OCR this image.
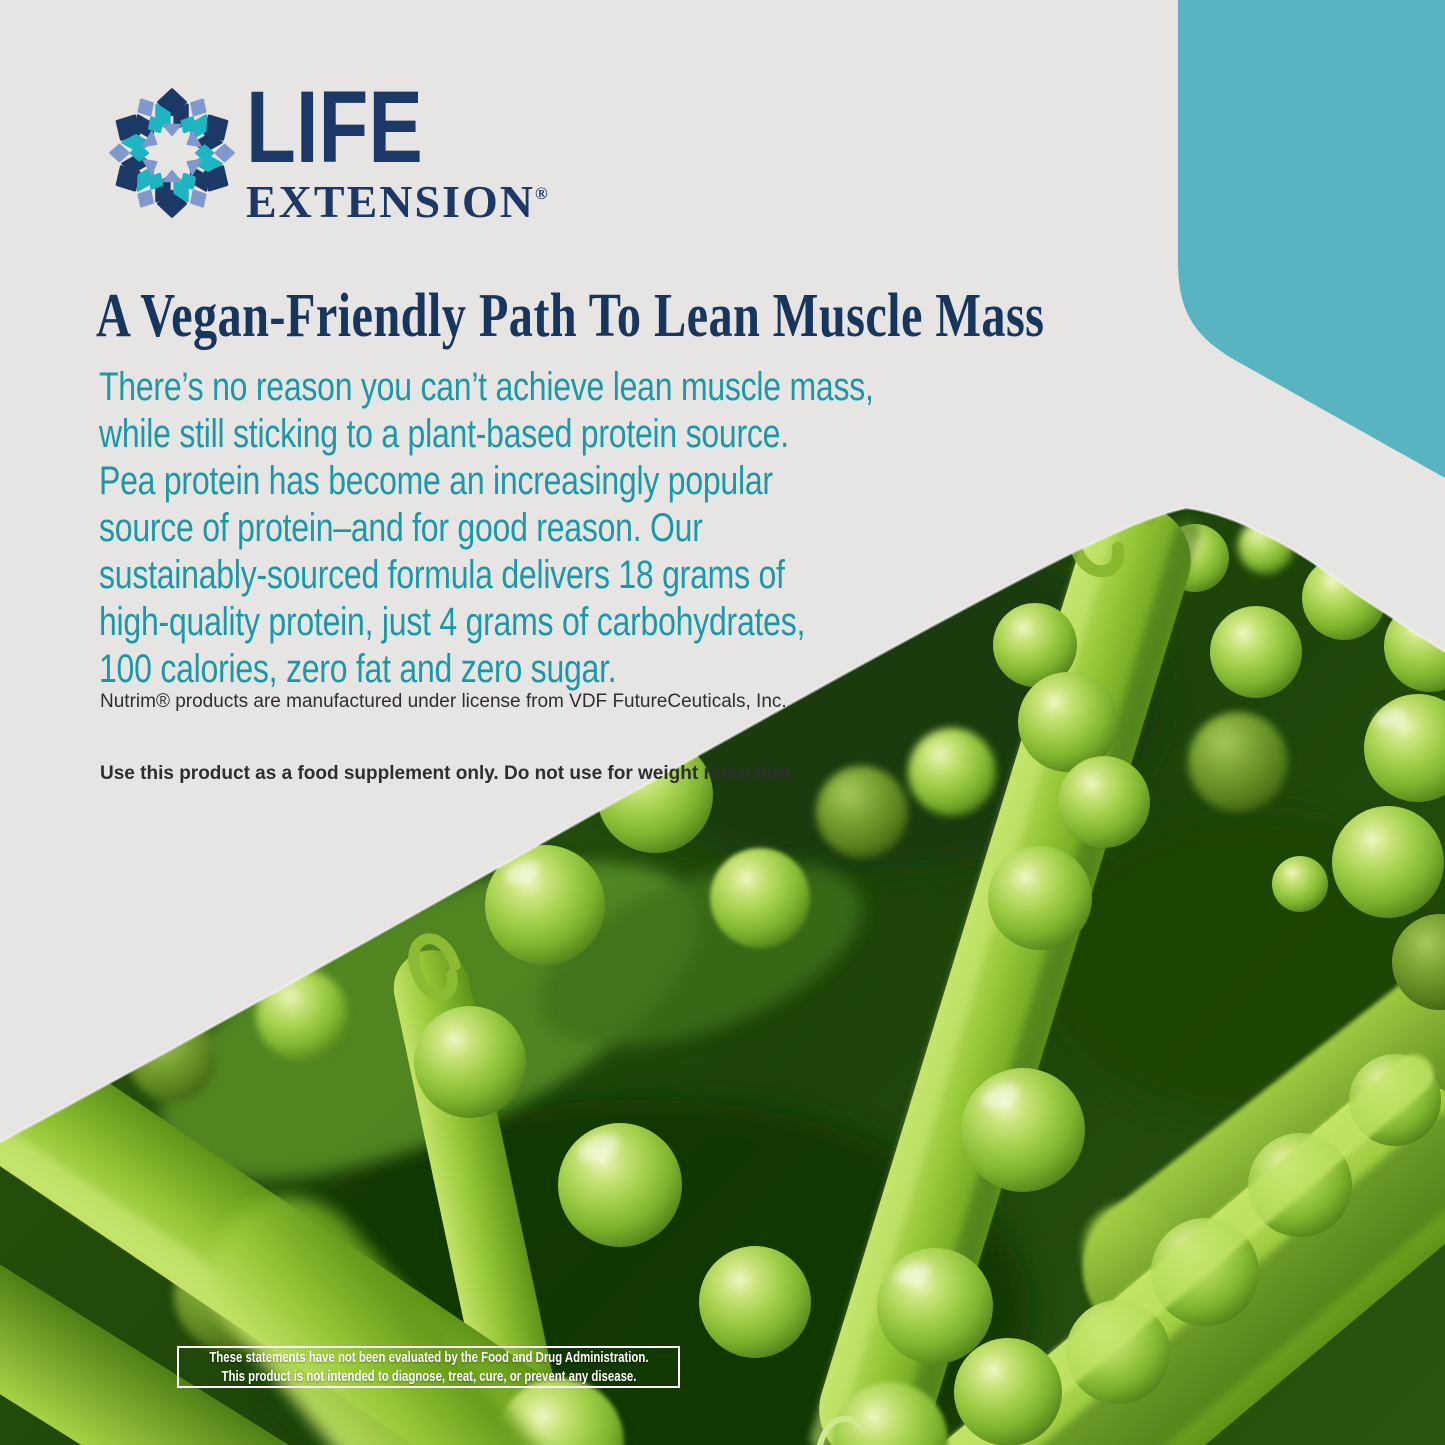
LIFE
EXTENSION®
A Vegan-Friendly Path To Lean Muscle Mass
There’s no reason you can’t achieve lean muscle mass,
while still sticking to a plant-based protein source.
Pea protein has become an increasingly popular
source of protein–and for good reason. Our
sustainably-sourced formula delivers 18 grams of
high-quality protein, just 4 grams of carbohydrates,
100 calories, zero fat and zero sugar.

Nutrim® products are manufactured under license from VDF FutureCeuticals, Inc.

Use this product as a food supplement only. Do not use for weight reduction.

These statements have not been evaluated by the Food and Drug Administration.
This product is not intended to diagnose, treat, cure, or prevent any disease.
